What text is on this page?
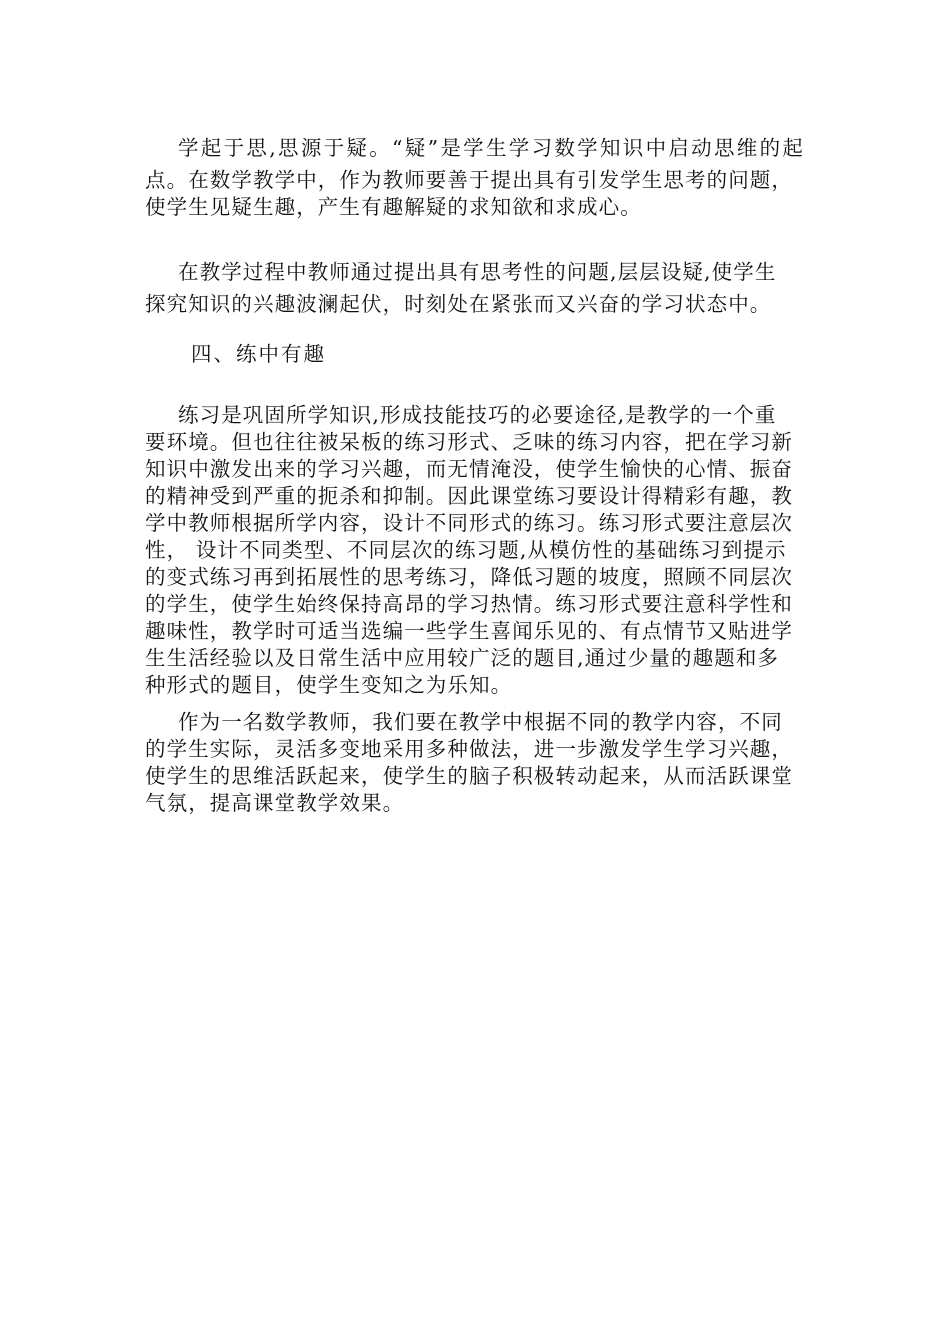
学起于思,思源于疑。“疑”是学生学习数学知识中启动思维的起
点。在数学教学中，作为教师要善于提出具有引发学生思考的问题，
使学生见疑生趣，产生有趣解疑的求知欲和求成心。
在教学过程中教师通过提出具有思考性的问题,层层设疑,使学生
探究知识的兴趣波澜起伏，时刻处在紧张而又兴奋的学习状态中。
四、练中有趣
练习是巩固所学知识,形成技能技巧的必要途径,是教学的一个重
要环境。但也往往被呆板的练习形式、乏味的练习内容，把在学习新
知识中激发出来的学习兴趣，而无情淹没，使学生愉快的心情、振奋
的精神受到严重的扼杀和抑制。因此课堂练习要设计得精彩有趣，教
学中教师根据所学内容，设计不同形式的练习。练习形式要注意层次
性， 设计不同类型、不同层次的练习题,从模仿性的基础练习到提示
的变式练习再到拓展性的思考练习，降低习题的坡度，照顾不同层次
的学生，使学生始终保持高昂的学习热情。练习形式要注意科学性和
趣味性，教学时可适当选编一些学生喜闻乐见的、有点情节又贴进学
生生活经验以及日常生活中应用较广泛的题目,通过少量的趣题和多
种形式的题目，使学生变知之为乐知。
作为一名数学教师，我们要在教学中根据不同的教学内容，不同
的学生实际，灵活多变地采用多种做法，进一步激发学生学习兴趣，
使学生的思维活跃起来，使学生的脑子积极转动起来，从而活跃课堂
气氛，提高课堂教学效果。
